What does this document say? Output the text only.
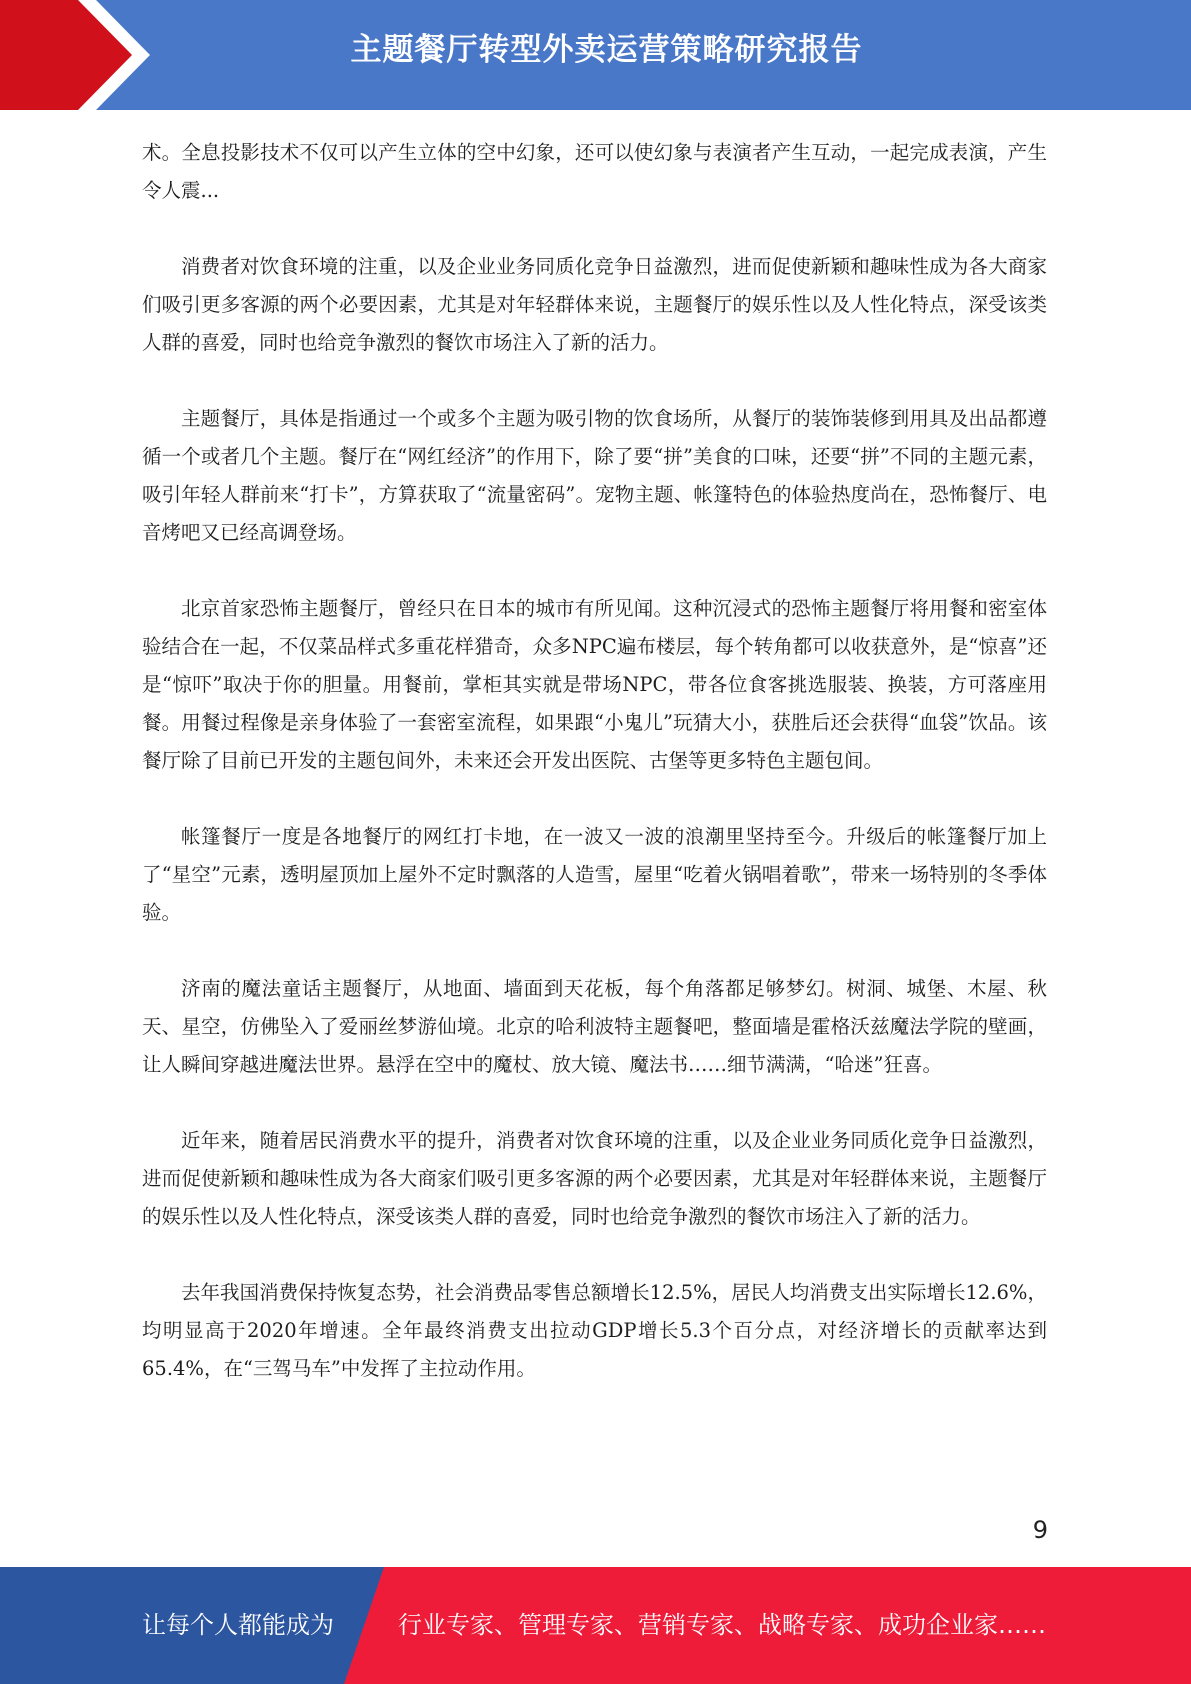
主题餐厅转型外卖运营策略研究报告

术。全息投影技术不仅可以产生立体的空中幻象，还可以使幻象与表演者产生互动，一起完成表演，产生令人震...

消费者对饮食环境的注重，以及企业业务同质化竞争日益激烈，进而促使新颖和趣味性成为各大商家们吸引更多客源的两个必要因素，尤其是对年轻群体来说，主题餐厅的娱乐性以及人性化特点，深受该类人群的喜爱，同时也给竞争激烈的餐饮市场注入了新的活力。

主题餐厅，具体是指通过一个或多个主题为吸引物的饮食场所，从餐厅的装饰装修到用具及出品都遵循一个或者几个主题。餐厅在“网红经济”的作用下，除了要“拼”美食的口味，还要“拼”不同的主题元素，吸引年轻人群前来“打卡”，方算获取了“流量密码”。宠物主题、帐篷特色的体验热度尚在，恐怖餐厅、电音烤吧又已经高调登场。

北京首家恐怖主题餐厅，曾经只在日本的城市有所见闻。这种沉浸式的恐怖主题餐厅将用餐和密室体验结合在一起，不仅菜品样式多重花样猎奇，众多NPC遍布楼层，每个转角都可以收获意外，是“惊喜”还是“惊吓”取决于你的胆量。用餐前，掌柜其实就是带场NPC，带各位食客挑选服装、换装，方可落座用餐。用餐过程像是亲身体验了一套密室流程，如果跟“小鬼儿”玩猜大小，获胜后还会获得“血袋”饮品。该餐厅除了目前已开发的主题包间外，未来还会开发出医院、古堡等更多特色主题包间。

帐篷餐厅一度是各地餐厅的网红打卡地，在一波又一波的浪潮里坚持至今。升级后的帐篷餐厅加上了“星空”元素，透明屋顶加上屋外不定时飘落的人造雪，屋里“吃着火锅唱着歌”，带来一场特别的冬季体验。

济南的魔法童话主题餐厅，从地面、墙面到天花板，每个角落都足够梦幻。树洞、城堡、木屋、秋天、星空，仿佛坠入了爱丽丝梦游仙境。北京的哈利波特主题餐吧，整面墙是霍格沃兹魔法学院的壁画，让人瞬间穿越进魔法世界。悬浮在空中的魔杖、放大镜、魔法书……细节满满，“哈迷”狂喜。

近年来，随着居民消费水平的提升，消费者对饮食环境的注重，以及企业业务同质化竞争日益激烈，进而促使新颖和趣味性成为各大商家们吸引更多客源的两个必要因素，尤其是对年轻群体来说，主题餐厅的娱乐性以及人性化特点，深受该类人群的喜爱，同时也给竞争激烈的餐饮市场注入了新的活力。

去年我国消费保持恢复态势，社会消费品零售总额增长12.5%，居民人均消费支出实际增长12.6%，均明显高于2020年增速。全年最终消费支出拉动GDP增长5.3个百分点，对经济增长的贡献率达到65.4%，在“三驾马车”中发挥了主拉动作用。

9
让每个人都能成为	行业专家、管理专家、营销专家、战略专家、成功企业家……
